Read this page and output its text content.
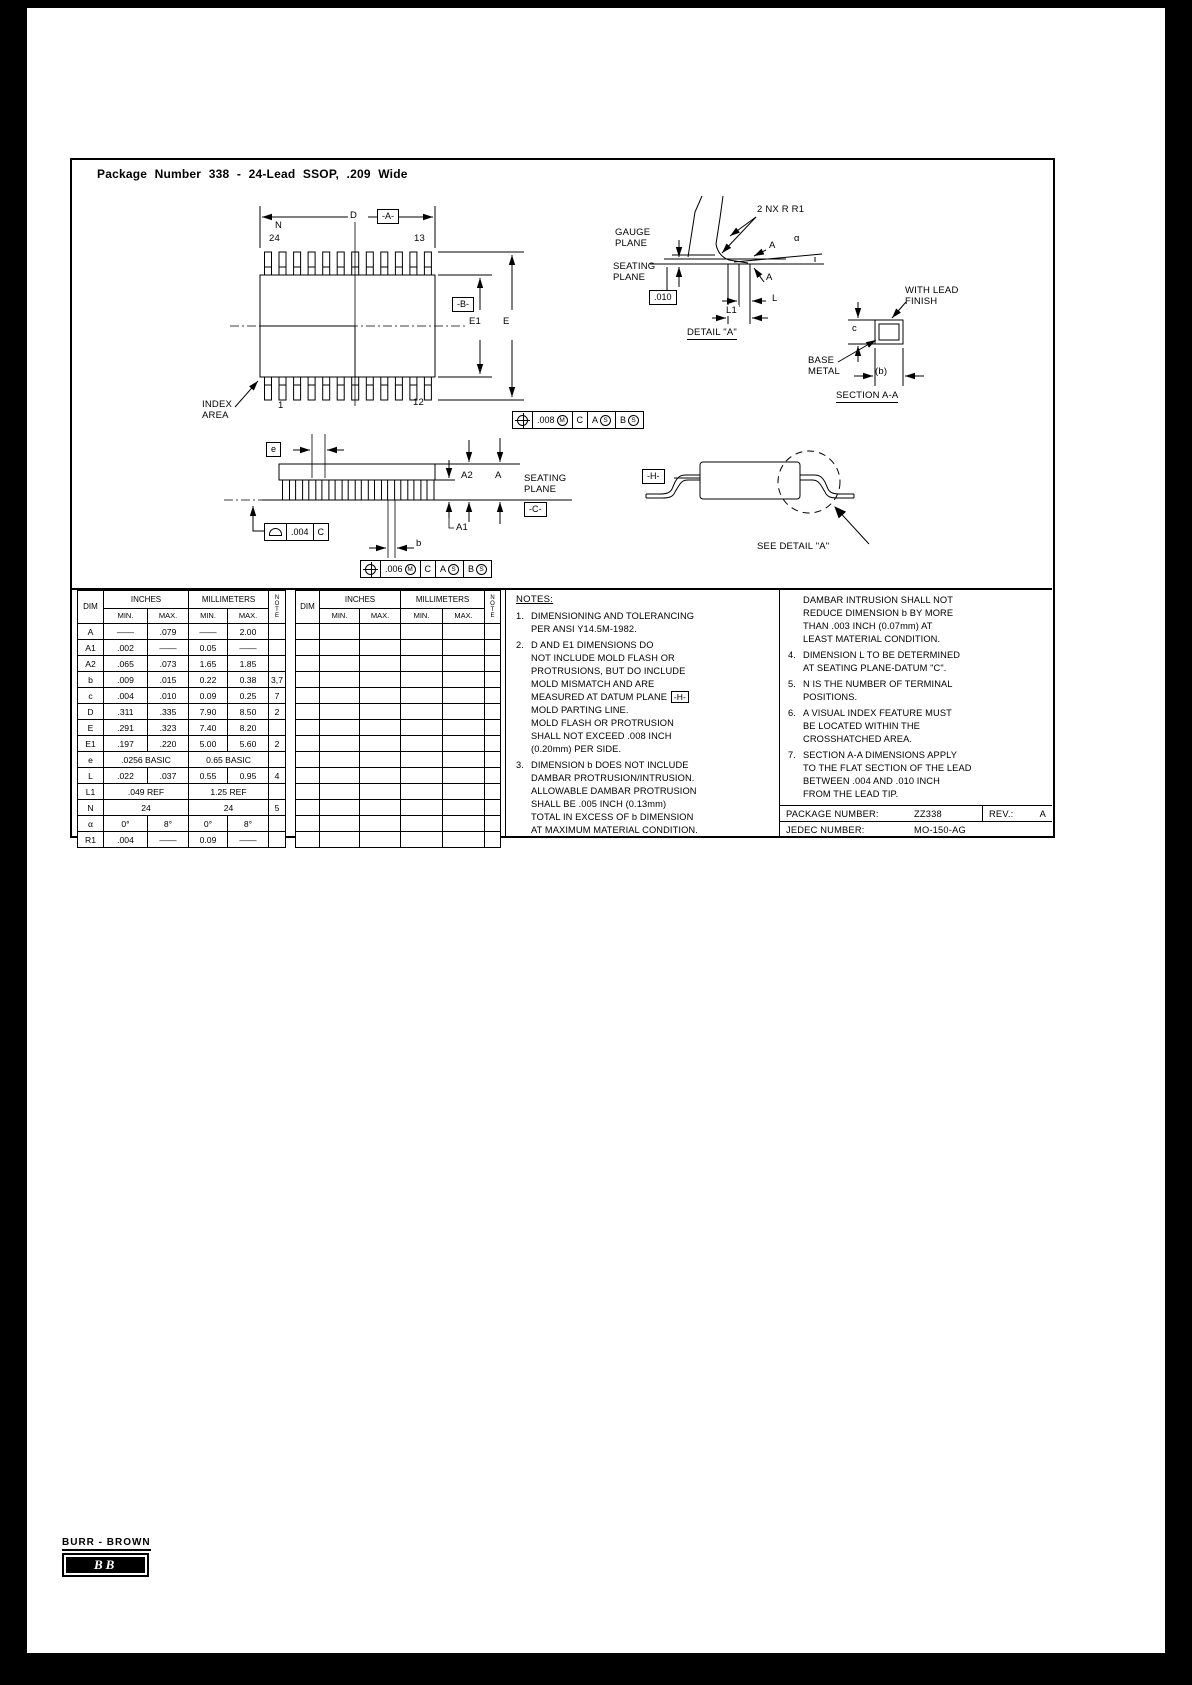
Package Number 338 - 24-Lead SSOP, .209 Wide
N
24	13
D	-A-
E1 E
-B-
INDEX
AREA
1	12
2 NX R R1
GAUGE
PLANE
SEATING
PLANE
.010
L1
L
A
A
α
DETAIL "A"
WITH LEAD
FINISH
c
BASE
METAL	(b)
SECTION A-A
-H-
SEE DETAIL "A"
e
A2 A SEATING
PLANE
-C-
A1
b
.008 M	C	A S	B S
.006 M	C	A S	B S
.004	C
DIM	INCHES		MILLIMETERS		NOTE
	MIN.	MAX.	MIN.	MAX.	
A	——	.079	——	2.00	
A1	.002	——	0.05	——	
A2	.065	.073	1.65	1.85	
b	.009	.015	0.22	0.38	3,7
c	.004	.010	0.09	0.25	7
D	.311	.335	7.90	8.50	2
E	.291	.323	7.40	8.20	
E1	.197	.220	5.00	5.60	2
e	.0256 BASIC		0.65 BASIC		
L	.022	.037	0.55	0.95	4
L1	.049 REF		1.25 REF		
N	24		24		5
α	0°	8°	0°	8°	
R1	.004	——	0.09	——	
DIM	INCHES		MILLIMETERS		NOTE
	MIN.	MAX.	MIN.	MAX.	

NOTES:
1. DIMENSIONING AND TOLERANCING
PER ANSI Y14.5M-1982.
2. D AND E1 DIMENSIONS DO
NOT INCLUDE MOLD FLASH OR
PROTRUSIONS, BUT DO INCLUDE
MOLD MISMATCH AND ARE
MEASURED AT DATUM PLANE -H-
MOLD PARTING LINE.
MOLD FLASH OR PROTRUSION
SHALL NOT EXCEED .008 INCH
(0.20mm) PER SIDE.
3. DIMENSION b DOES NOT INCLUDE
DAMBAR PROTRUSION/INTRUSION.
ALLOWABLE DAMBAR PROTRUSION
SHALL BE .005 INCH (0.13mm)
TOTAL IN EXCESS OF b DIMENSION
AT MAXIMUM MATERIAL CONDITION.
DAMBAR INTRUSION SHALL NOT
REDUCE DIMENSION b BY MORE
THAN .003 INCH (0.07mm) AT
LEAST MATERIAL CONDITION.
4. DIMENSION L TO BE DETERMINED
AT SEATING PLANE-DATUM "C".
5. N IS THE NUMBER OF TERMINAL
POSITIONS.
6. A VISUAL INDEX FEATURE MUST
BE LOCATED WITHIN THE
CROSSHATCHED AREA.
7. SECTION A-A DIMENSIONS APPLY
TO THE FLAT SECTION OF THE LEAD
BETWEEN .004 AND .010 INCH
FROM THE LEAD TIP.
PACKAGE NUMBER:	ZZ338	REV.:	A
JEDEC NUMBER:	MO-150-AG
BURR - BROWN
BB
